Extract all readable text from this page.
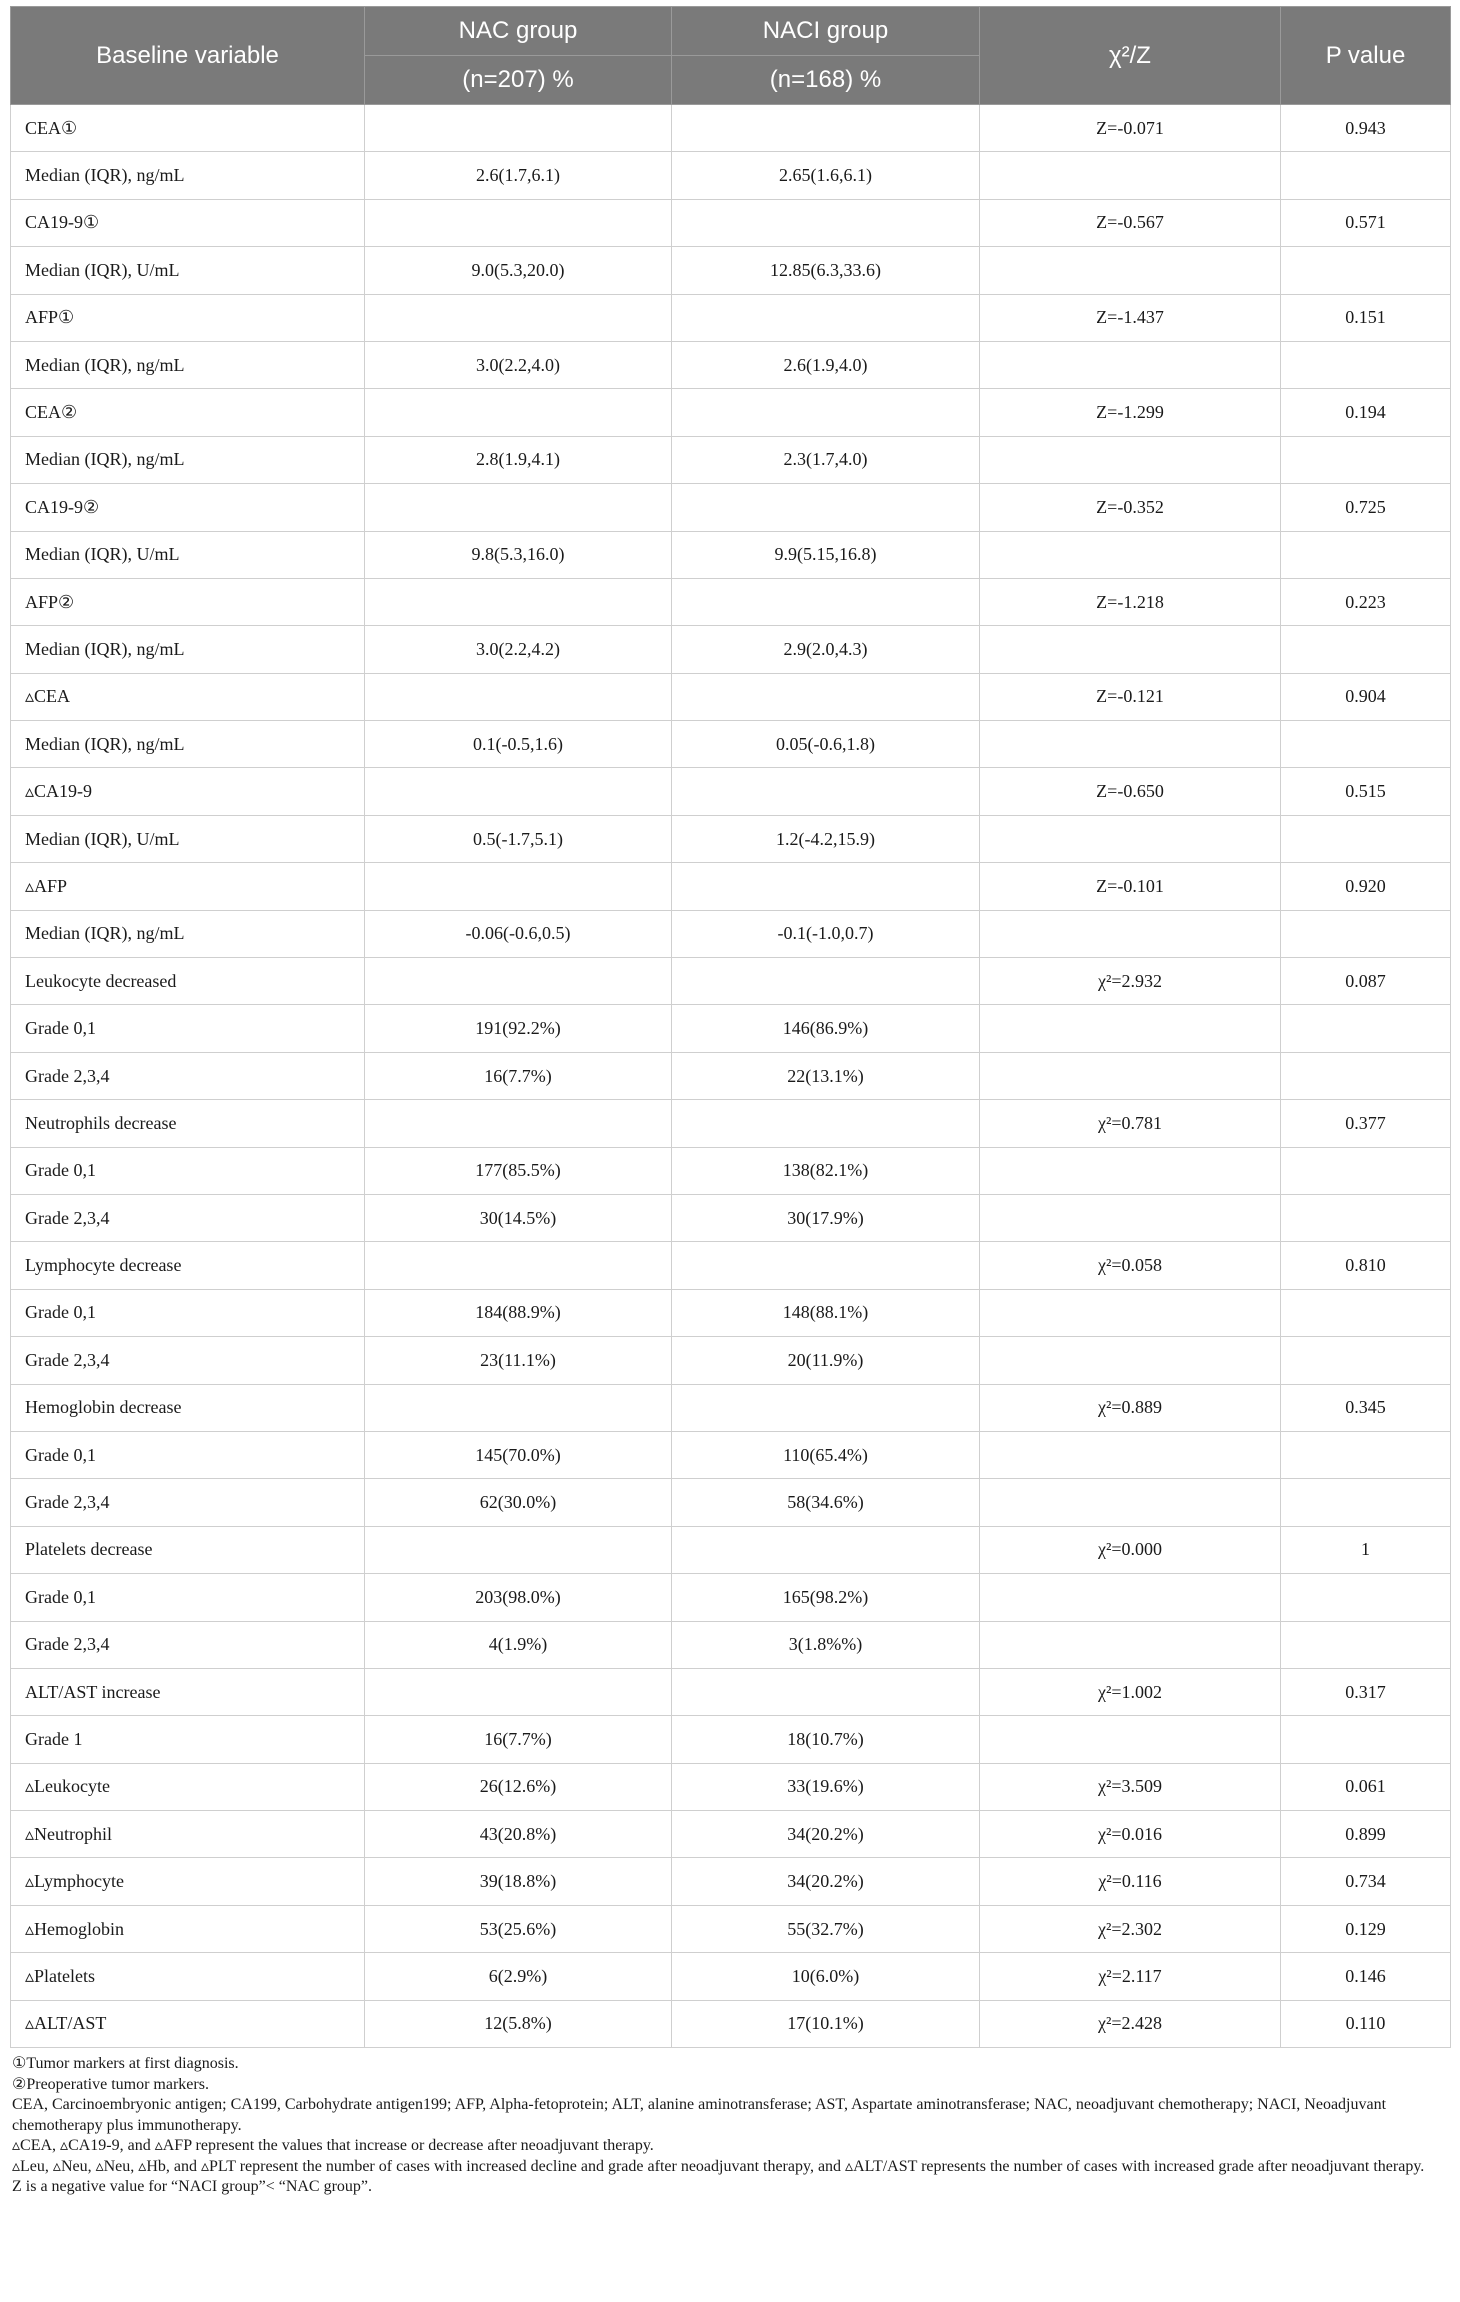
Baseline variable	NAC group	NACI group	χ²/Z	P value
	(n=207) %	(n=168) %		
CEA①			Z=-0.071	0.943
Median (IQR), ng/mL	2.6(1.7,6.1)	2.65(1.6,6.1)		
CA19-9①			Z=-0.567	0.571
Median (IQR), U/mL	9.0(5.3,20.0)	12.85(6.3,33.6)		
AFP①			Z=-1.437	0.151
Median (IQR), ng/mL	3.0(2.2,4.0)	2.6(1.9,4.0)		
CEA②			Z=-1.299	0.194
Median (IQR), ng/mL	2.8(1.9,4.1)	2.3(1.7,4.0)		
CA19-9②			Z=-0.352	0.725
Median (IQR), U/mL	9.8(5.3,16.0)	9.9(5.15,16.8)		
AFP②			Z=-1.218	0.223
Median (IQR), ng/mL	3.0(2.2,4.2)	2.9(2.0,4.3)		
▵CEA			Z=-0.121	0.904
Median (IQR), ng/mL	0.1(-0.5,1.6)	0.05(-0.6,1.8)		
▵CA19-9			Z=-0.650	0.515
Median (IQR), U/mL	0.5(-1.7,5.1)	1.2(-4.2,15.9)		
▵AFP			Z=-0.101	0.920
Median (IQR), ng/mL	-0.06(-0.6,0.5)	-0.1(-1.0,0.7)		
Leukocyte decreased			χ²=2.932	0.087
Grade 0,1	191(92.2%)	146(86.9%)		
Grade 2,3,4	16(7.7%)	22(13.1%)		
Neutrophils decrease			χ²=0.781	0.377
Grade 0,1	177(85.5%)	138(82.1%)		
Grade 2,3,4	30(14.5%)	30(17.9%)		
Lymphocyte decrease			χ²=0.058	0.810
Grade 0,1	184(88.9%)	148(88.1%)		
Grade 2,3,4	23(11.1%)	20(11.9%)		
Hemoglobin decrease			χ²=0.889	0.345
Grade 0,1	145(70.0%)	110(65.4%)		
Grade 2,3,4	62(30.0%)	58(34.6%)		
Platelets decrease			χ²=0.000	1
Grade 0,1	203(98.0%)	165(98.2%)		
Grade 2,3,4	4(1.9%)	3(1.8%%)		
ALT/AST increase			χ²=1.002	0.317
Grade 1	16(7.7%)	18(10.7%)		
▵Leukocyte	26(12.6%)	33(19.6%)	χ²=3.509	0.061
▵Neutrophil	43(20.8%)	34(20.2%)	χ²=0.016	0.899
▵Lymphocyte	39(18.8%)	34(20.2%)	χ²=0.116	0.734
▵Hemoglobin	53(25.6%)	55(32.7%)	χ²=2.302	0.129
▵Platelets	6(2.9%)	10(6.0%)	χ²=2.117	0.146
▵ALT/AST	12(5.8%)	17(10.1%)	χ²=2.428	0.110
①Tumor markers at first diagnosis.
②Preoperative tumor markers.
CEA, Carcinoembryonic antigen; CA199, Carbohydrate antigen199; AFP, Alpha-fetoprotein; ALT, alanine aminotransferase; AST, Aspartate aminotransferase; NAC, neoadjuvant chemotherapy; NACI, Neoadjuvant chemotherapy plus immunotherapy.
▵CEA, ▵CA19-9, and ▵AFP represent the values that increase or decrease after neoadjuvant therapy.
▵Leu, ▵Neu, ▵Neu, ▵Hb, and ▵PLT represent the number of cases with increased decline and grade after neoadjuvant therapy, and ▵ALT/AST represents the number of cases with increased grade after neoadjuvant therapy.
Z is a negative value for “NACI group”< “NAC group”.
